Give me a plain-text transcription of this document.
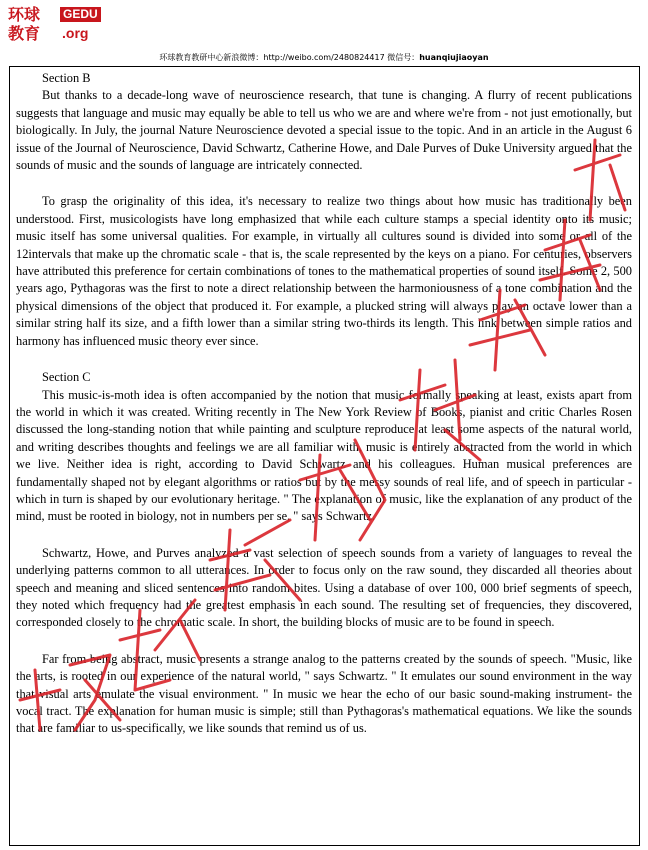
环球
教育
GEDU
.org
环球教育教研中心新浪微博：http://weibo.com/2480824417 微信号：huanqiujiaoyan
Section B

But thanks to a decade-long wave of neuroscience research, that tune is changing. A flurry of recent publications suggests that language and music may equally be able to tell us who we are and where we're from - not just emotionally, but biologically. In July, the journal Nature Neuroscience devoted a special issue to the topic. And in an article in the August 6 issue of the Journal of Neuroscience, David Schwartz, Catherine Howe, and Dale Purves of Duke University argued that the sounds of music and the sounds of language are intricately connected.

To grasp the originality of this idea, it's necessary to realize two things about how music has traditionally been understood. First, musicologists have long emphasized that while each culture stamps a special identity onto its music; music itself has some universal qualities. For example, in virtually all cultures sound is divided into some or all of the 12intervals that make up the chromatic scale - that is, the scale represented by the keys on a piano. For centuries, observers have attributed this preference for certain combinations of tones to the mathematical properties of sound itself. Some 2, 500 years ago, Pythagoras was the first to note a direct relationship between the harmoniousness of a tone combination and the physical dimensions of the object that produced it. For example, a plucked string will always play an octave lower than a similar string half its size, and a fifth lower than a similar string two-thirds its length. This link between simple ratios and harmony has influenced music theory ever since.

Section C

This music-is-moth idea is often accompanied by the notion that music formally speaking at least, exists apart from the world in which it was created. Writing recently in The New York Review of Books, pianist and critic Charles Rosen discussed the long-standing notion that while painting and sculpture reproduce at least some aspects of the natural world, and writing describes thoughts and feelings we are all familiar with, music is entirely abstracted from the world in which we live. Neither idea is right, according to David Schwartz and his colleagues. Human musical preferences are fundamentally shaped not by elegant algorithms or ratios but by the messy sounds of real life, and of speech in particular -which in turn is shaped by our evolutionary heritage. " The explanation of music, like the explanation of any product of the mind, must be rooted in biology, not in numbers per se, " says Schwartz.

Schwartz, Howe, and Purves analyzed a vast selection of speech sounds from a variety of languages to reveal the underlying patterns common to all utterances. In order to focus only on the raw sound, they discarded all theories about speech and meaning and sliced sentences into random bites. Using a database of over 100, 000 brief segments of speech, they noted which frequency had the greatest emphasis in each sound. The resulting set of frequencies, they discovered, corresponded closely to the chromatic scale. In short, the building blocks of music are to be found in speech.

Far from being abstract, music presents a strange analog to the patterns created by the sounds of speech. "Music, like the arts, is rooted in our experience of the natural world, " says Schwartz. " It emulates our sound environment in the way that visual arts emulate the visual environment. " In music we hear the echo of our basic sound-making instrument- the vocal tract. The explanation for human music is simple; still than Pythagoras's mathematical equations. We like the sounds that are familiar to us-specifically, we like sounds that remind us of us.
